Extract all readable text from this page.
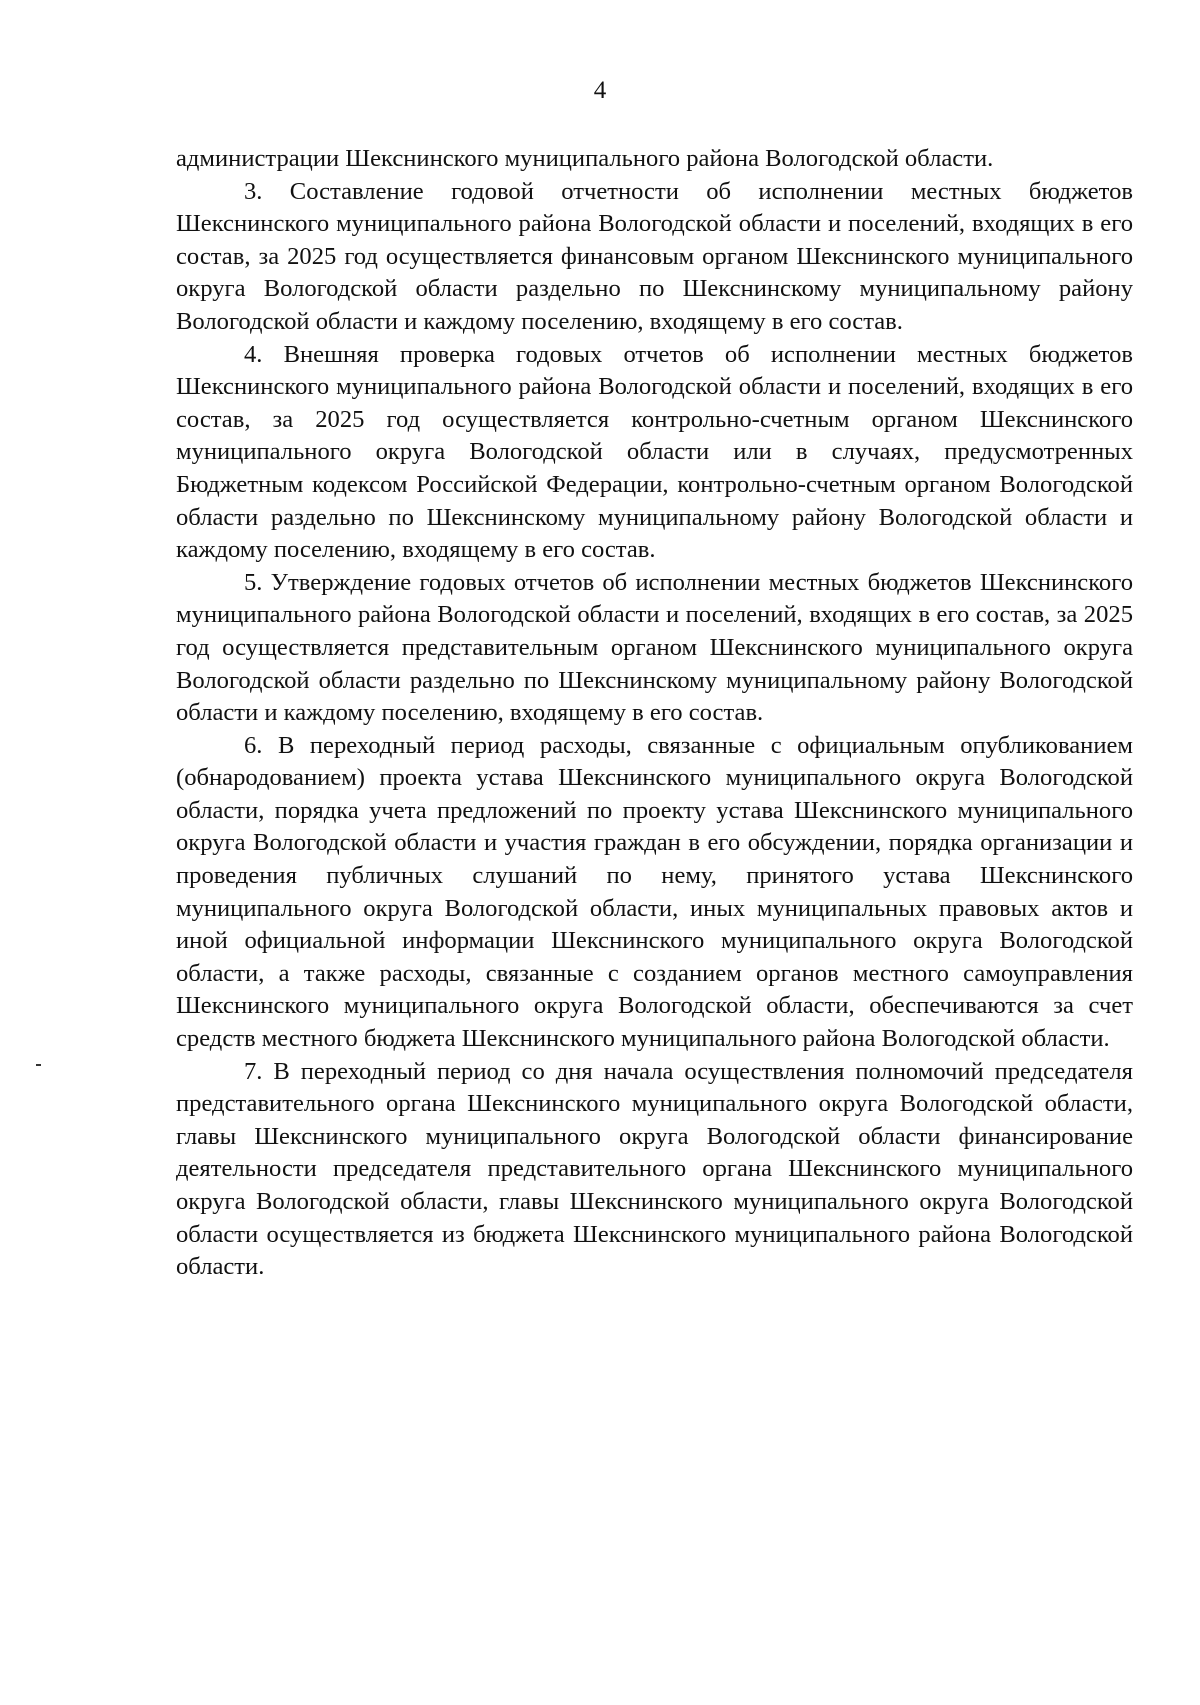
4

администрации Шекснинского муниципального района Вологодской области.

3. Составление годовой отчетности об исполнении местных бюджетов Шекснинского муниципального района Вологодской области и поселений, входящих в его состав, за 2025 год осуществляется финансовым органом Шекснинского муниципального округа Вологодской области раздельно по Шекснинскому муниципальному району Вологодской области и каждому поселению, входящему в его состав.

4. Внешняя проверка годовых отчетов об исполнении местных бюджетов Шекснинского муниципального района Вологодской области и поселений, входящих в его состав, за 2025 год осуществляется контрольно-счетным органом Шекснинского муниципального округа Вологодской области или в случаях, предусмотренных Бюджетным кодексом Российской Федерации, контрольно-счетным органом Вологодской области раздельно по Шекснинскому муниципальному району Вологодской области и каждому поселению, входящему в его состав.

5. Утверждение годовых отчетов об исполнении местных бюджетов Шекснинского муниципального района Вологодской области и поселений, входящих в его состав, за 2025 год осуществляется представительным органом Шекснинского муниципального округа Вологодской области раздельно по Шекснинскому муниципальному району Вологодской области и каждому поселению, входящему в его состав.

6. В переходный период расходы, связанные с официальным опубликованием (обнародованием) проекта устава Шекснинского муниципального округа Вологодской области, порядка учета предложений по проекту устава Шекснинского муниципального округа Вологодской области и участия граждан в его обсуждении, порядка организации и проведения публичных слушаний по нему, принятого устава Шекснинского муниципального округа Вологодской области, иных муниципальных правовых актов и иной официальной информации Шекснинского муниципального округа Вологодской области, а также расходы, связанные с созданием органов местного самоуправления Шекснинского муниципального округа Вологодской области, обеспечиваются за счет средств местного бюджета Шекснинского муниципального района Вологодской области.

7. В переходный период со дня начала осуществления полномочий председателя представительного органа Шекснинского муниципального округа Вологодской области, главы Шекснинского муниципального округа Вологодской области финансирование деятельности председателя представительного органа Шекснинского муниципального округа Вологодской области, главы Шекснинского муниципального округа Вологодской области осуществляется из бюджета Шекснинского муниципального района Вологодской области.
